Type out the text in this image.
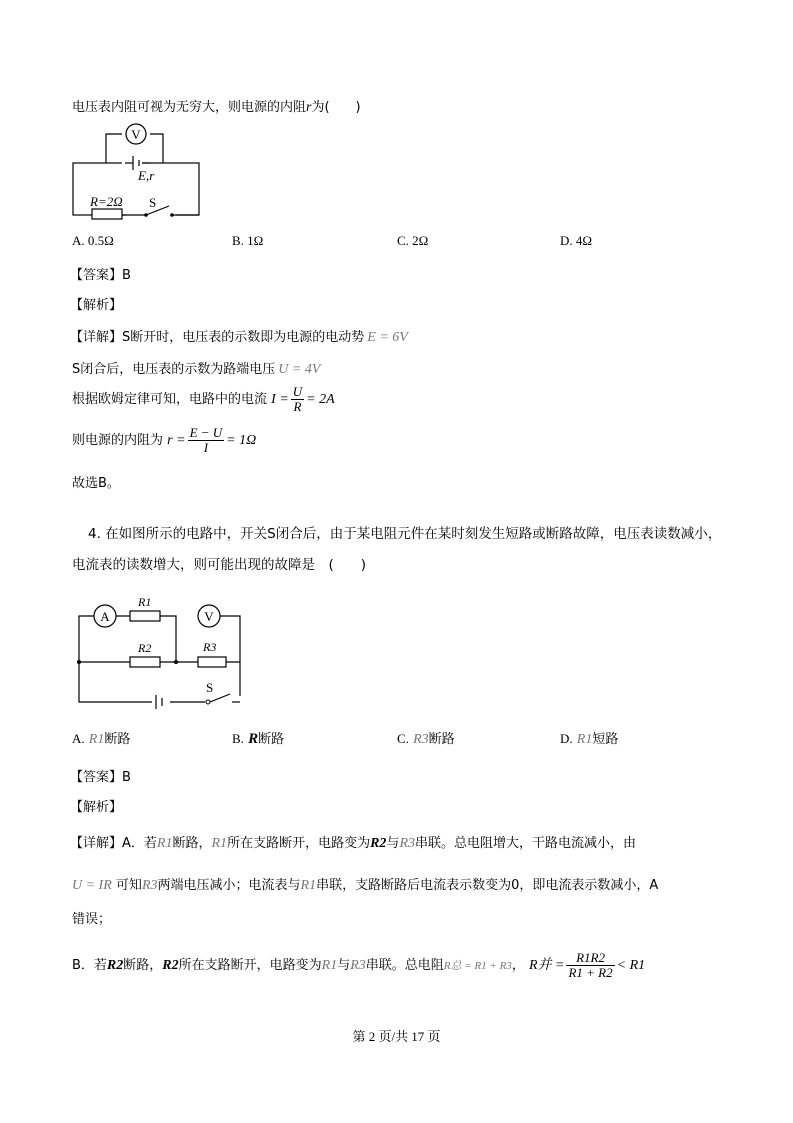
电压表内阻可视为无穷大，则电源的内阻r为(　　)
V
E,r
R=2Ω S
A. 0.5Ω	B. 1Ω	C. 2Ω	D. 4Ω
【答案】B
【解析】
【详解】S断开时，电压表的示数即为电源的电动势 E = 6V
S闭合后，电压表的示数为路端电压 U = 4V
根据欧姆定律可知，电路中的电流 $I = \frac{U}{R} = 2A$
则电源的内阻为 $r = \frac{E - U}{I} = 1\Omega$
故选B。
4. 在如图所示的电路中，开关S闭合后，由于某电阻元件在某时刻发生短路或断路故障，电压表读数减小，
电流表的读数增大，则可能出现的故障是　(　　)
A	V
R1
R2	R3
S
A. R1断路	B. R断路	C. R3断路	D. R1短路
【答案】B
【解析】
【详解】A．若R1断路，R1所在支路断开，电路变为R2与R3串联。总电阻增大，干路电流减小，由
U = IR 可知R3两端电压减小；电流表与R1串联，支路断路后电流表示数变为0，即电流表示数减小，A
错误；
B．若R2断路，R2所在支路断开，电路变为R1与R3串联。总电阻R总 = R1 + R3， R并 = $\frac{R1R2}{R1 + R2} < R1$
第 2 页/共 17 页
